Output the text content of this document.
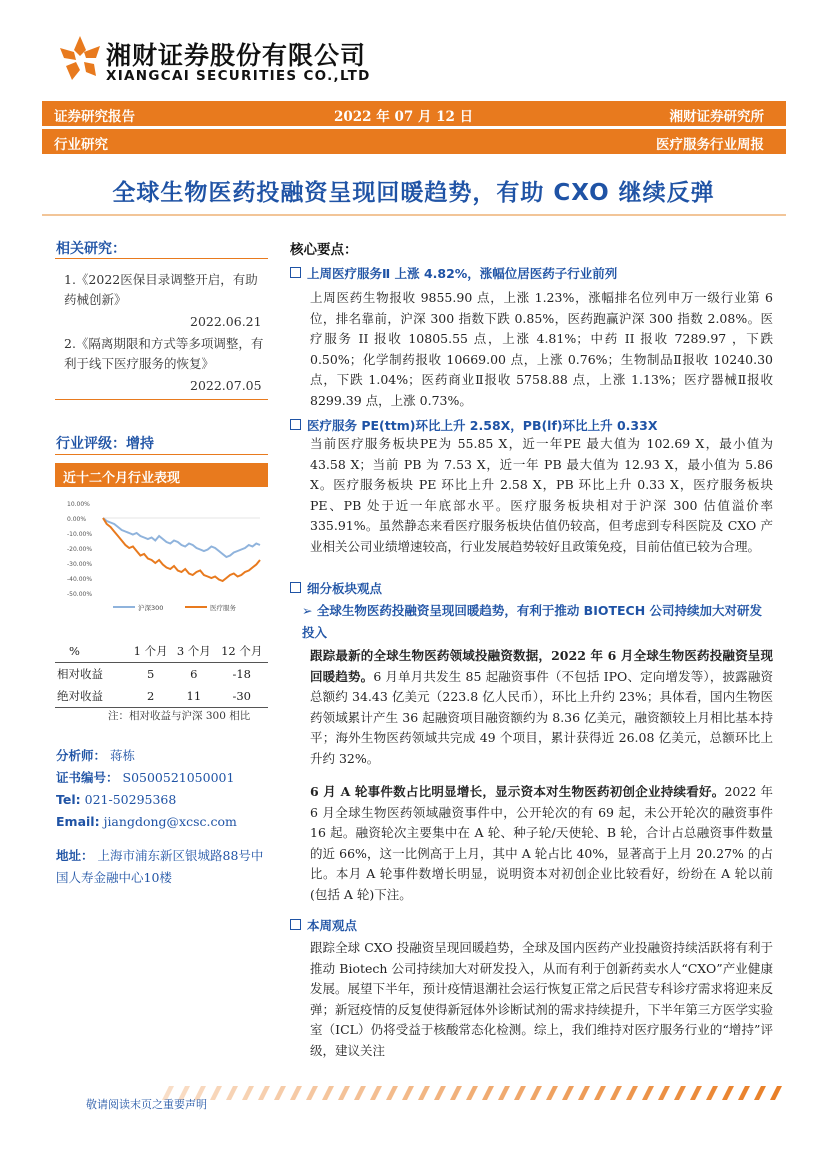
湘财证券股份有限公司
XIANGCAI SECURITIES CO.,LTD
证券研究报告	2022 年 07 月 12 日	湘财证券研究所
行业研究	医疗服务行业周报
全球生物医药投融资呈现回暖趋势，有助 CXO 继续反弹
相关研究：
1.《2022医保目录调整开启，有助药械创新》
2022.06.21
2.《隔离期限和方式等多项调整，有利于线下医疗服务的恢复》
2022.07.05
行业评级：增持
近十二个月行业表现
10.00%
0.00%
-10.00%
-20.00%
-30.00%
-40.00%
-50.00%
沪深300	医疗服务
%	1 个月	3 个月	12 个月
相对收益	5	6	-18
绝对收益	2	11	-30
注：相对收益与沪深 300 相比
分析师： 蒋栋
证书编号： S0500521050001
Tel: 021-50295368
Email: jiangdong@xcsc.com
地址： 上海市浦东新区银城路88号中国人寿金融中心10楼
核心要点：
上周医疗服务Ⅱ 上涨 4.82%，涨幅位居医药子行业前列
上周医药生物报收 9855.90 点，上涨 1.23%，涨幅排名位列申万一级行业第 6 位，排名靠前，沪深 300 指数下跌 0.85%，医药跑赢沪深 300 指数 2.08%。医疗服务 II 报收 10805.55 点，上涨 4.81%；中药 II 报收 7289.97 ，下跌 0.50%；化学制药报收 10669.00 点，上涨 0.76%；生物制品Ⅱ报收 10240.30 点，下跌 1.04%；医药商业Ⅱ报收 5758.88 点，上涨 1.13%；医疗器械Ⅱ报收 8299.39 点，上涨 0.73%。
医疗服务 PE(ttm)环比上升 2.58X，PB(lf)环比上升 0.33X
当前医疗服务板块PE为 55.85 X，近一年PE 最大值为 102.69 X，最小值为 43.58 X；当前 PB 为 7.53 X，近一年 PB 最大值为 12.93 X，最小值为 5.86 X。医疗服务板块 PE 环比上升 2.58 X，PB 环比上升 0.33 X，医疗服务板块 PE、PB 处于近一年底部水平。医疗服务板块相对于沪深 300 估值溢价率 335.91%。虽然静态来看医疗服务板块估值仍较高，但考虑到专科医院及 CXO 产业相关公司业绩增速较高，行业发展趋势较好且政策免疫，目前估值已较为合理。
细分板块观点
➢ 全球生物医药投融资呈现回暖趋势，有利于推动 BIOTECH 公司持续加大对研发投入
跟踪最新的全球生物医药领域投融资数据，2022 年 6 月全球生物医药投融资呈现回暖趋势。6 月单月共发生 85 起融资事件（不包括 IPO、定向增发等），披露融资总额约 34.43 亿美元（223.8 亿人民币），环比上升约 23%；具体看，国内生物医药领域累计产生 36 起融资项目融资额约为 8.36 亿美元，融资额较上月相比基本持平；海外生物医药领域共完成 49 个项目，累计获得近 26.08 亿美元，总额环比上升约 32%。
6 月 A 轮事件数占比明显增长，显示资本对生物医药初创企业持续看好。2022 年 6 月全球生物医药领域融资事件中，公开轮次的有 69 起，未公开轮次的融资事件 16 起。融资轮次主要集中在 A 轮、种子轮/天使轮、B 轮，合计占总融资事件数量的近 66%，这一比例高于上月，其中 A 轮占比 40%，显著高于上月 20.27% 的占比。本月 A 轮事件数增长明显，说明资本对初创企业比较看好，纷纷在 A 轮以前(包括 A 轮)下注。
本周观点
跟踪全球 CXO 投融资呈现回暖趋势，全球及国内医药产业投融资持续活跃将有利于推动 Biotech 公司持续加大对研发投入，从而有利于创新药卖水人“CXO”产业健康发展。展望下半年，预计疫情退潮社会运行恢复正常之后民营专科诊疗需求将迎来反弹；新冠疫情的反复使得新冠体外诊断试剂的需求持续提升，下半年第三方医学实验室（ICL）仍将受益于核酸常态化检测。综上，我们维持对医疗服务行业的“增持”评级，建议关注
敬请阅读末页之重要声明
